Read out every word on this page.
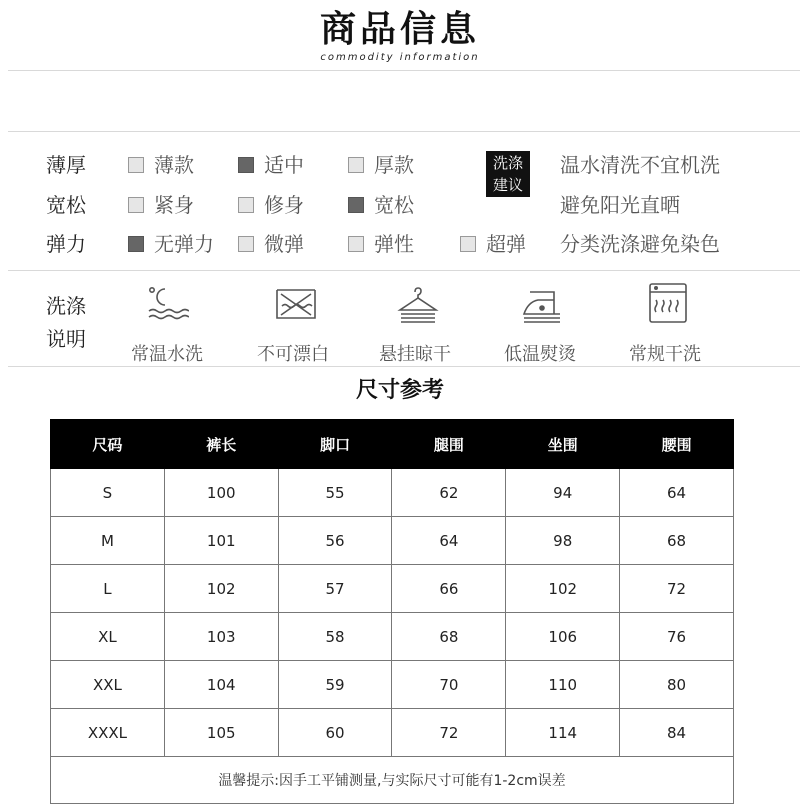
商品信息
commodity information
薄厚	薄款	适中	厚款
宽松	紧身	修身	宽松
弹力	无弹力	微弹	弹性	超弹
洗涤
建议
温水清洗不宜机洗
避免阳光直晒
分类洗涤避免染色
洗涤
说明
常温水洗	不可漂白	悬挂晾干	低温熨烫	常规干洗
尺寸参考
尺码	裤长	脚口	腿围	坐围	腰围
S	100	55	62	94	64
M	101	56	64	98	68
L	102	57	66	102	72
XL	103	58	68	106	76
XXL	104	59	70	110	80
XXXL	105	60	72	114	84
温馨提示:因手工平铺测量,与实际尺寸可能有1-2cm误差					
